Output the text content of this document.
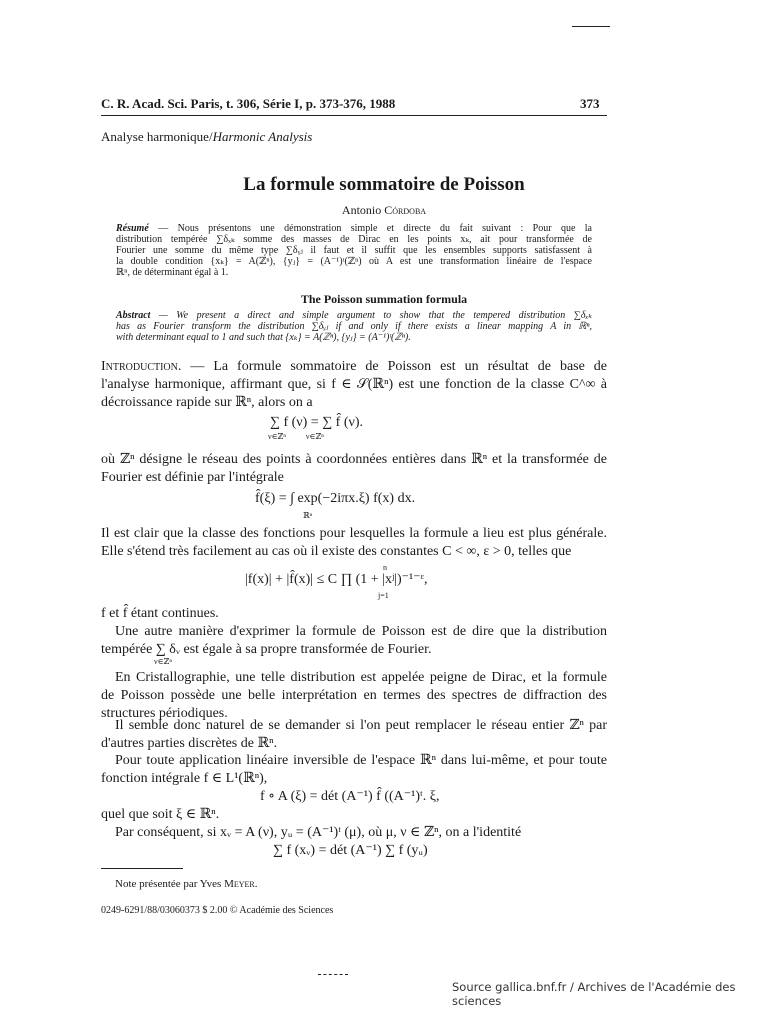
C. R. Acad. Sci. Paris, t. 306, Série I, p. 373-376, 1988	373
Analyse harmonique/Harmonic Analysis
La formule sommatoire de Poisson
Antonio Córdoba
Résumé — Nous présentons une démonstration simple et directe du fait suivant : Pour que la
distribution tempérée ∑δₓₖ somme des masses de Dirac en les points xₖ, ait pour transformée de
Fourier une somme du même type ∑δᵧⱼ il faut et il suffit que les ensembles supports satisfassent à
la double condition {xₖ} = A(ℤⁿ), {yⱼ} = (A⁻¹)ᵗ(ℤⁿ) où A est une transformation linéaire de l'espace
ℝⁿ, de déterminant égal à 1.
The Poisson summation formula
Abstract — We present a direct and simple argument to show that the tempered distribution ∑δₓₖ
has as Fourier transform the distribution ∑δᵧⱼ if and only if there exists a linear mapping A in ℝⁿ,
with determinant equal to 1 and such that {xₖ} = A(ℤⁿ), {yⱼ} = (A⁻¹)ᵗ(ℤⁿ).
Introduction. — La formule sommatoire de Poisson est un résultat de base de
l'analyse harmonique, affirmant que, si f ∈ 𝒮(ℝⁿ) est une fonction de la classe C^∞ à
décroissance rapide sur ℝⁿ, alors on a
∑ f (ν) = ∑ f̂ (ν).
ν∈ℤⁿ          ν∈ℤⁿ
où ℤⁿ désigne le réseau des points à coordonnées entières dans ℝⁿ et la transformée de
Fourier est définie par l'intégrale
f̂(ξ) = ∫ exp(−2iπx.ξ) f(x) dx.
ℝⁿ
Il est clair que la classe des fonctions pour lesquelles la formule a lieu est plus générale.
Elle s'étend très facilement au cas où il existe des constantes C < ∞, ε > 0, telles que
n
|f(x)| + |f̂(x)| ≤ C ∏ (1 + |xʲ|)⁻¹⁻ᵋ,
j=1
f et f̂ étant continues.
Une autre manière d'exprimer la formule de Poisson est de dire que la distribution
tempérée ∑ δᵥ est égale à sa propre transformée de Fourier.
ν∈ℤⁿ
En Cristallographie, une telle distribution est appelée peigne de Dirac, et la formule
de Poisson possède une belle interprétation en termes des spectres de diffraction des
structures périodiques.
Il semble donc naturel de se demander si l'on peut remplacer le réseau entier ℤⁿ par
d'autres parties discrètes de ℝⁿ.
Pour toute application linéaire inversible de l'espace ℝⁿ dans lui-même, et pour toute
fonction intégrale f ∈ L¹(ℝⁿ),
f ∘ A (ξ) = dét (A⁻¹) f̂ ((A⁻¹)ᵗ. ξ,
quel que soit ξ ∈ ℝⁿ.
Par conséquent, si xᵥ = A (ν), yᵤ = (A⁻¹)ᵗ (μ), où μ, ν ∈ ℤⁿ, on a l'identité
∑ f (xᵥ) = dét (A⁻¹) ∑ f (yᵤ)
Note présentée par Yves Meyer.
0249-6291/88/03060373 $ 2.00 © Académie des Sciences
Source gallica.bnf.fr / Archives de l'Académie des sciences
